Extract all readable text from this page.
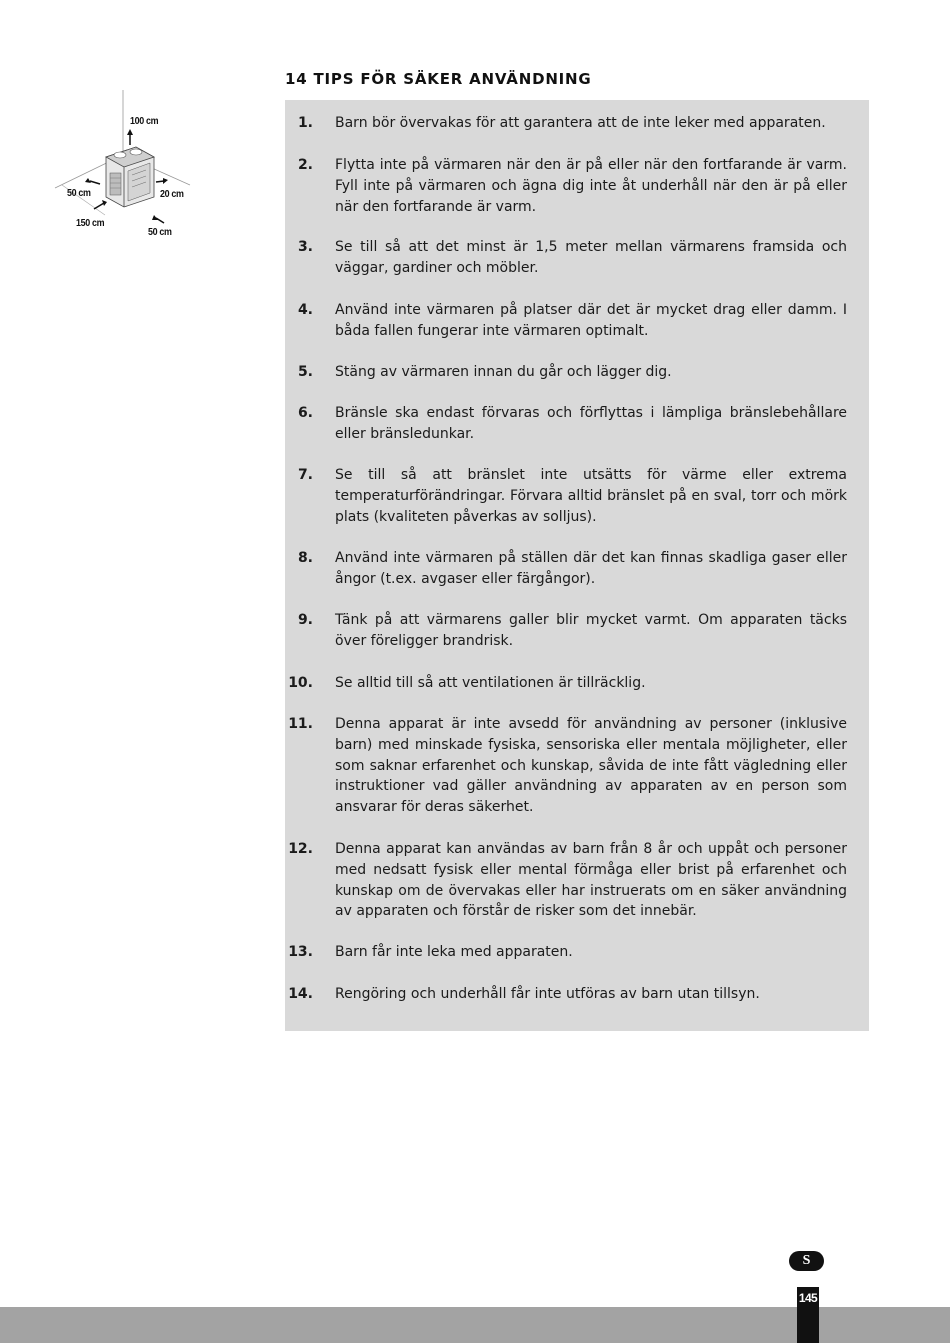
14 TIPS FÖR SÄKER ANVÄNDNING
100 cm
50 cm	20 cm
150 cm
50 cm
1. Barn bör övervakas för att garantera att de inte leker med apparaten.
2. Flytta inte på värmaren när den är på eller när den fortfarande är varm. Fyll inte på värmaren och ägna dig inte åt underhåll när den är på eller när den fortfarande är varm.
3. Se till så att det minst är 1,5 meter mellan värmarens framsida och väggar, gardiner och möbler.
4. Använd inte värmaren på platser där det är mycket drag eller damm. I båda fallen fungerar inte värmaren optimalt.
5. Stäng av värmaren innan du går och lägger dig.
6. Bränsle ska endast förvaras och förflyttas i lämpliga bränslebehållare eller bränsledunkar.
7. Se till så att bränslet inte utsätts för värme eller extrema temperaturförändringar. Förvara alltid bränslet på en sval, torr och mörk plats (kvaliteten påverkas av solljus).
8. Använd inte värmaren på ställen där det kan finnas skadliga gaser eller ångor (t.ex. avgaser eller färgångor).
9. Tänk på att värmarens galler blir mycket varmt. Om apparaten täcks över föreligger brandrisk.
10. Se alltid till så att ventilationen är tillräcklig.
11. Denna apparat är inte avsedd för användning av personer (inklusive barn) med minskade fysiska, sensoriska eller mentala möjligheter, eller som saknar erfarenhet och kunskap, såvida de inte fått vägledning eller instruktioner vad gäller användning av apparaten av en person som ansvarar för deras säkerhet.
12. Denna apparat kan användas av barn från 8 år och uppåt och personer med nedsatt fysisk eller mental förmåga eller brist på erfarenhet och kunskap om de övervakas eller har instruerats om en säker användning av apparaten och förstår de risker som det innebär.
13. Barn får inte leka med apparaten.
14. Rengöring och underhåll får inte utföras av barn utan tillsyn.
S
145
